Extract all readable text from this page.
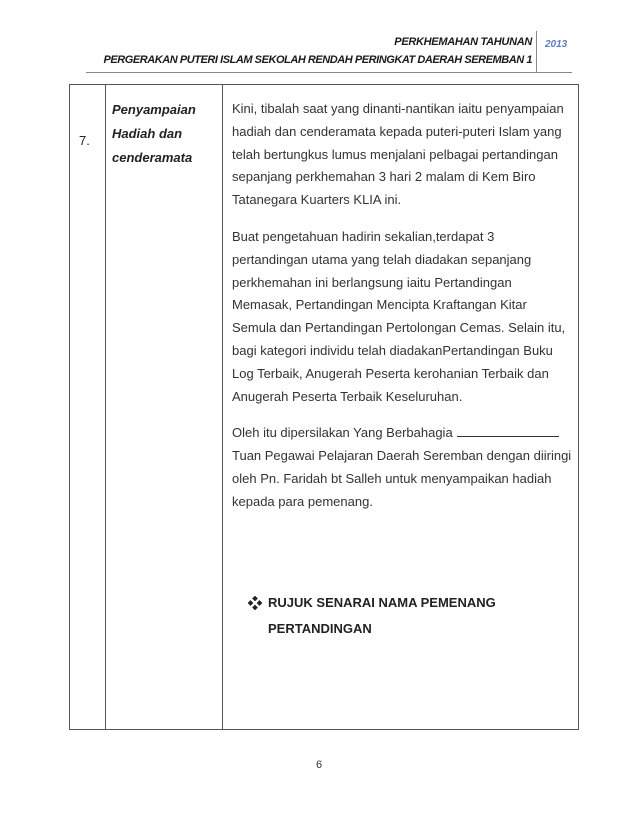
PERKHEMAHAN TAHUNAN
PERGERAKAN PUTERI ISLAM SEKOLAH RENDAH PERINGKAT DAERAH SEREMBAN 1
2013
7.
Penyampaian
Hadiah dan
cenderamata

Kini, tibalah saat yang dinanti-nantikan iaitu penyampaian hadiah dan cenderamata kepada puteri-puteri Islam yang telah bertungkus lumus menjalani pelbagai pertandingan sepanjang perkhemahan 3 hari 2 malam di Kem Biro Tatanegara Kuarters KLIA ini.

Buat pengetahuan hadirin sekalian,terdapat 3 pertandingan utama yang telah diadakan sepanjang perkhemahan ini berlangsung iaitu Pertandingan Memasak, Pertandingan Mencipta Kraftangan Kitar Semula dan Pertandingan Pertolongan Cemas. Selain itu, bagi kategori individu telah diadakanPertandingan Buku Log Terbaik, Anugerah Peserta kerohanian Terbaik dan Anugerah Peserta Terbaik Keseluruhan.

Oleh itu dipersilakan Yang Berbahagia
Tuan Pegawai Pelajaran Daerah Seremban dengan diiringi oleh Pn. Faridah bt Salleh untuk menyampaikan hadiah kepada para pemenang.

RUJUK SENARAI NAMA PEMENANG PERTANDINGAN
6
